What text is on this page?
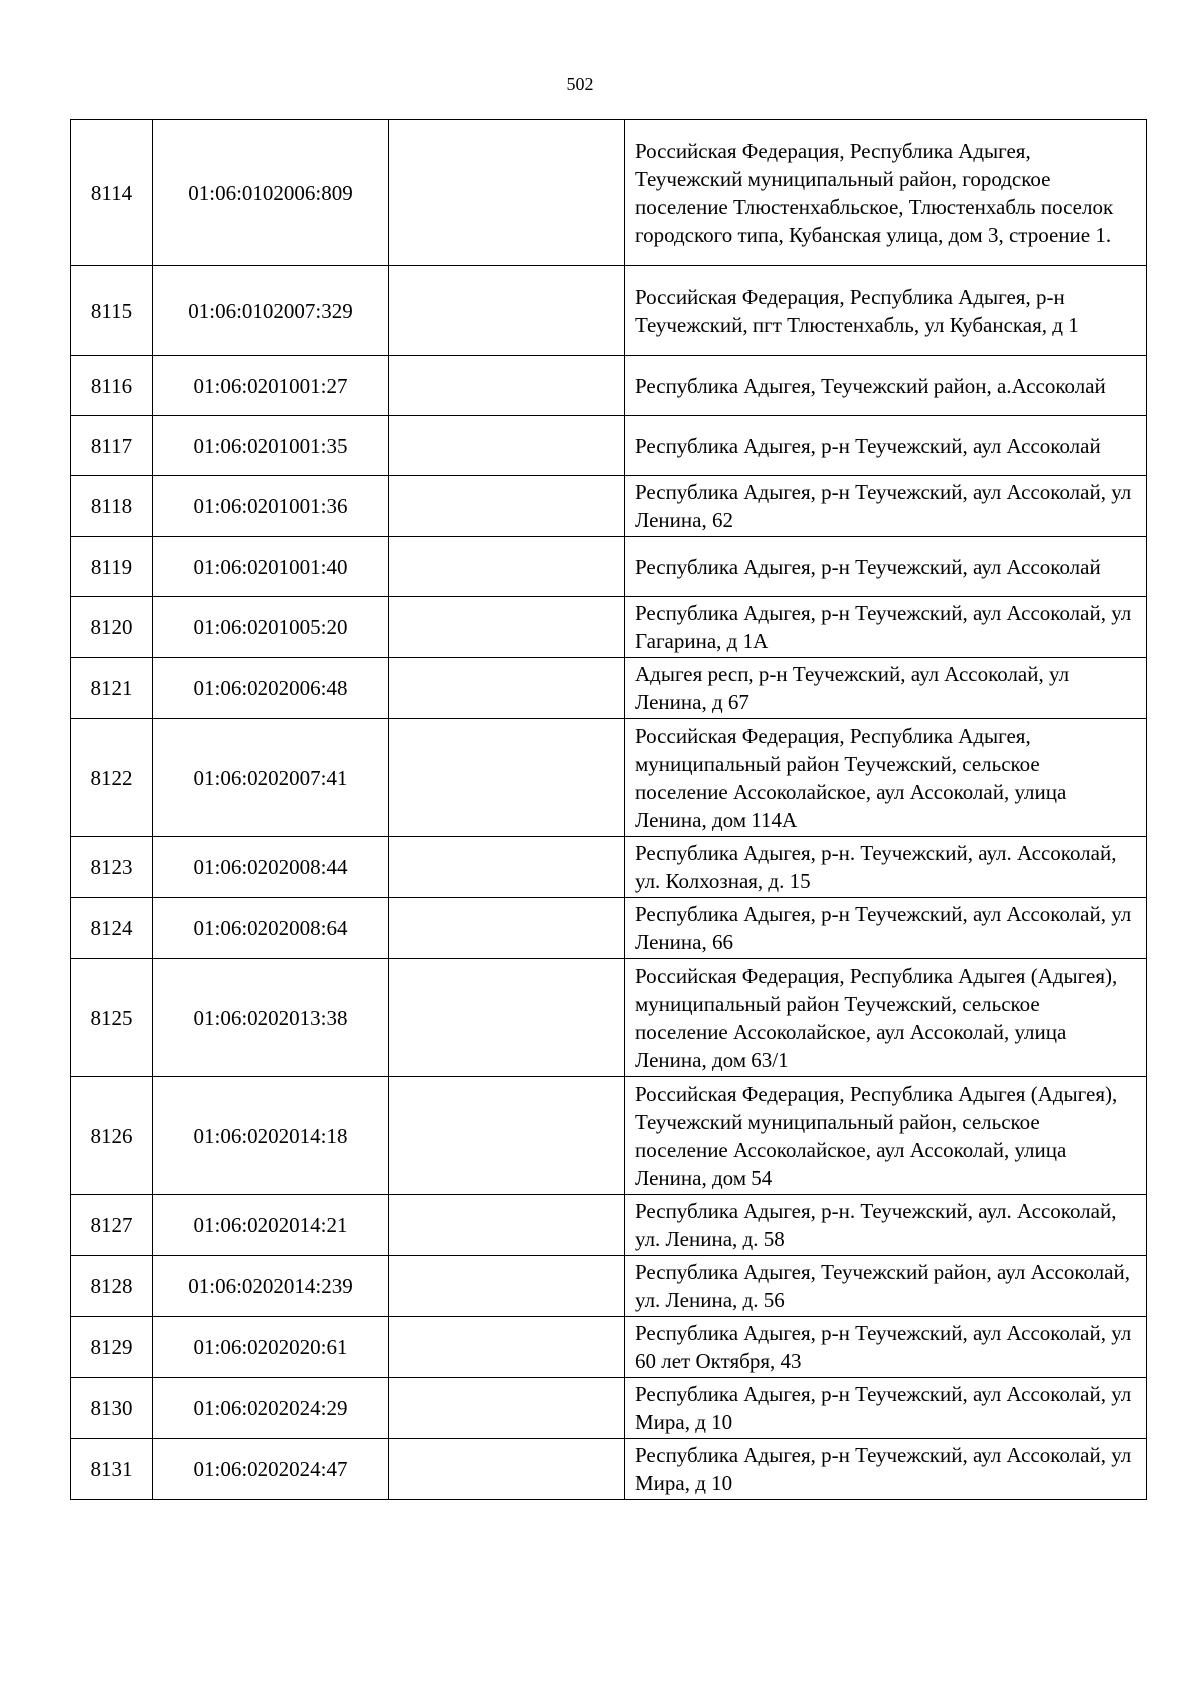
502
8114	01:06:0102006:809		Российская Федерация, Республика Адыгея, Теучежский муниципальный район, городское поселение Тлюстенхабльское, Тлюстенхабль поселок городского типа, Кубанская улица, дом 3, строение 1.
8115	01:06:0102007:329		Российская Федерация, Республика Адыгея, р-н Теучежский, пгт Тлюстенхабль, ул Кубанская, д 1
8116	01:06:0201001:27		Республика Адыгея, Теучежский район, а.Ассоколай
8117	01:06:0201001:35		Республика Адыгея, р-н Теучежский, аул Ассоколай
8118	01:06:0201001:36		Республика Адыгея, р-н Теучежский, аул Ассоколай, ул Ленина, 62
8119	01:06:0201001:40		Республика Адыгея, р-н Теучежский, аул Ассоколай
8120	01:06:0201005:20		Республика Адыгея, р-н Теучежский, аул Ассоколай, ул Гагарина, д 1А
8121	01:06:0202006:48		Адыгея респ, р-н Теучежский, аул Ассоколай, ул Ленина, д 67
8122	01:06:0202007:41		Российская Федерация, Республика Адыгея, муниципальный район Теучежский, сельское поселение Ассоколайское, аул Ассоколай, улица Ленина, дом 114А
8123	01:06:0202008:44		Республика Адыгея, р-н. Теучежский, аул. Ассоколай, ул. Колхозная, д. 15
8124	01:06:0202008:64		Республика Адыгея, р-н Теучежский, аул Ассоколай, ул Ленина, 66
8125	01:06:0202013:38		Российская Федерация, Республика Адыгея (Адыгея), муниципальный район Теучежский, сельское поселение Ассоколайское, аул Ассоколай, улица Ленина, дом 63/1
8126	01:06:0202014:18		Российская Федерация, Республика Адыгея (Адыгея), Теучежский муниципальный район, сельское поселение Ассоколайское, аул Ассоколай, улица Ленина, дом 54
8127	01:06:0202014:21		Республика Адыгея, р-н. Теучежский, аул. Ассоколай, ул. Ленина, д. 58
8128	01:06:0202014:239		Республика Адыгея, Теучежский район, аул Ассоколай, ул. Ленина, д. 56
8129	01:06:0202020:61		Республика Адыгея, р-н Теучежский, аул Ассоколай, ул 60 лет Октября, 43
8130	01:06:0202024:29		Республика Адыгея, р-н Теучежский, аул Ассоколай, ул Мира, д 10
8131	01:06:0202024:47		Республика Адыгея, р-н Теучежский, аул Ассоколай, ул Мира, д 10
